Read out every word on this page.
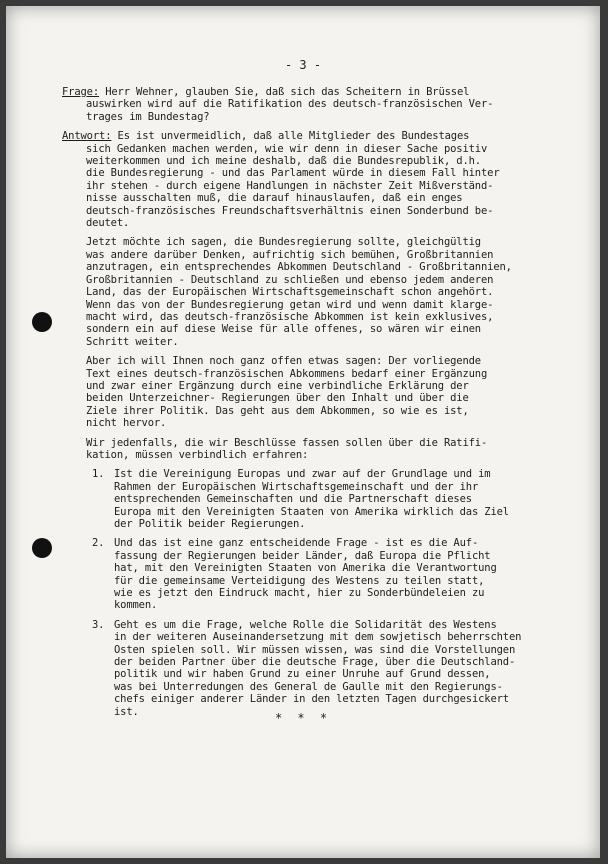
- 3 -
Frage: Herr Wehner, glauben Sie, daß sich das Scheitern in Brüssel
auswirken wird auf die Ratifikation des deutsch-französischen Ver-
trages im Bundestag?
Antwort: Es ist unvermeidlich, daß alle Mitglieder des Bundestages
sich Gedanken machen werden, wie wir denn in dieser Sache positiv
weiterkommen und ich meine deshalb, daß die Bundesrepublik, d.h.
die Bundesregierung - und das Parlament würde in diesem Fall hinter
ihr stehen - durch eigene Handlungen in nächster Zeit Mißverständ-
nisse ausschalten muß, die darauf hinauslaufen, daß ein enges
deutsch-französisches Freundschaftsverhältnis einen Sonderbund be-
deutet.
Jetzt möchte ich sagen, die Bundesregierung sollte, gleichgültig
was andere darüber Denken, aufrichtig sich bemühen, Großbritannien
anzutragen, ein entsprechendes Abkommen Deutschland - Großbritannien,
Großbritannien - Deutschland zu schließen und ebenso jedem anderen
Land, das der Europäischen Wirtschaftsgemeinschaft schon angehört.
Wenn das von der Bundesregierung getan wird und wenn damit klarge-
macht wird, das deutsch-französische Abkommen ist kein exklusives,
sondern ein auf diese Weise für alle offenes, so wären wir einen
Schritt weiter.
Aber ich will Ihnen noch ganz offen etwas sagen: Der vorliegende
Text eines deutsch-französischen Abkommens bedarf einer Ergänzung
und zwar einer Ergänzung durch eine verbindliche Erklärung der
beiden Unterzeichner- Regierungen über den Inhalt und über die
Ziele ihrer Politik. Das geht aus dem Abkommen, so wie es ist,
nicht hervor.
Wir jedenfalls, die wir Beschlüsse fassen sollen über die Ratifi-
kation, müssen verbindlich erfahren:
1. Ist die Vereinigung Europas und zwar auf der Grundlage und im
Rahmen der Europäischen Wirtschaftsgemeinschaft und der ihr
entsprechenden Gemeinschaften und die Partnerschaft dieses
Europa mit den Vereinigten Staaten von Amerika wirklich das Ziel
der Politik beider Regierungen.
2. Und das ist eine ganz entscheidende Frage - ist es die Auf-
fassung der Regierungen beider Länder, daß Europa die Pflicht
hat, mit den Vereinigten Staaten von Amerika die Verantwortung
für die gemeinsame Verteidigung des Westens zu teilen statt,
wie es jetzt den Eindruck macht, hier zu Sonderbündeleien zu
kommen.
3. Geht es um die Frage, welche Rolle die Solidarität des Westens
in der weiteren Auseinandersetzung mit dem sowjetisch beherrschten
Osten spielen soll. Wir müssen wissen, was sind die Vorstellungen
der beiden Partner über die deutsche Frage, über die Deutschland-
politik und wir haben Grund zu einer Unruhe auf Grund dessen,
was bei Unterredungen des General de Gaulle mit den Regierungs-
chefs einiger anderer Länder in den letzten Tagen durchgesickert
ist.	* * *
